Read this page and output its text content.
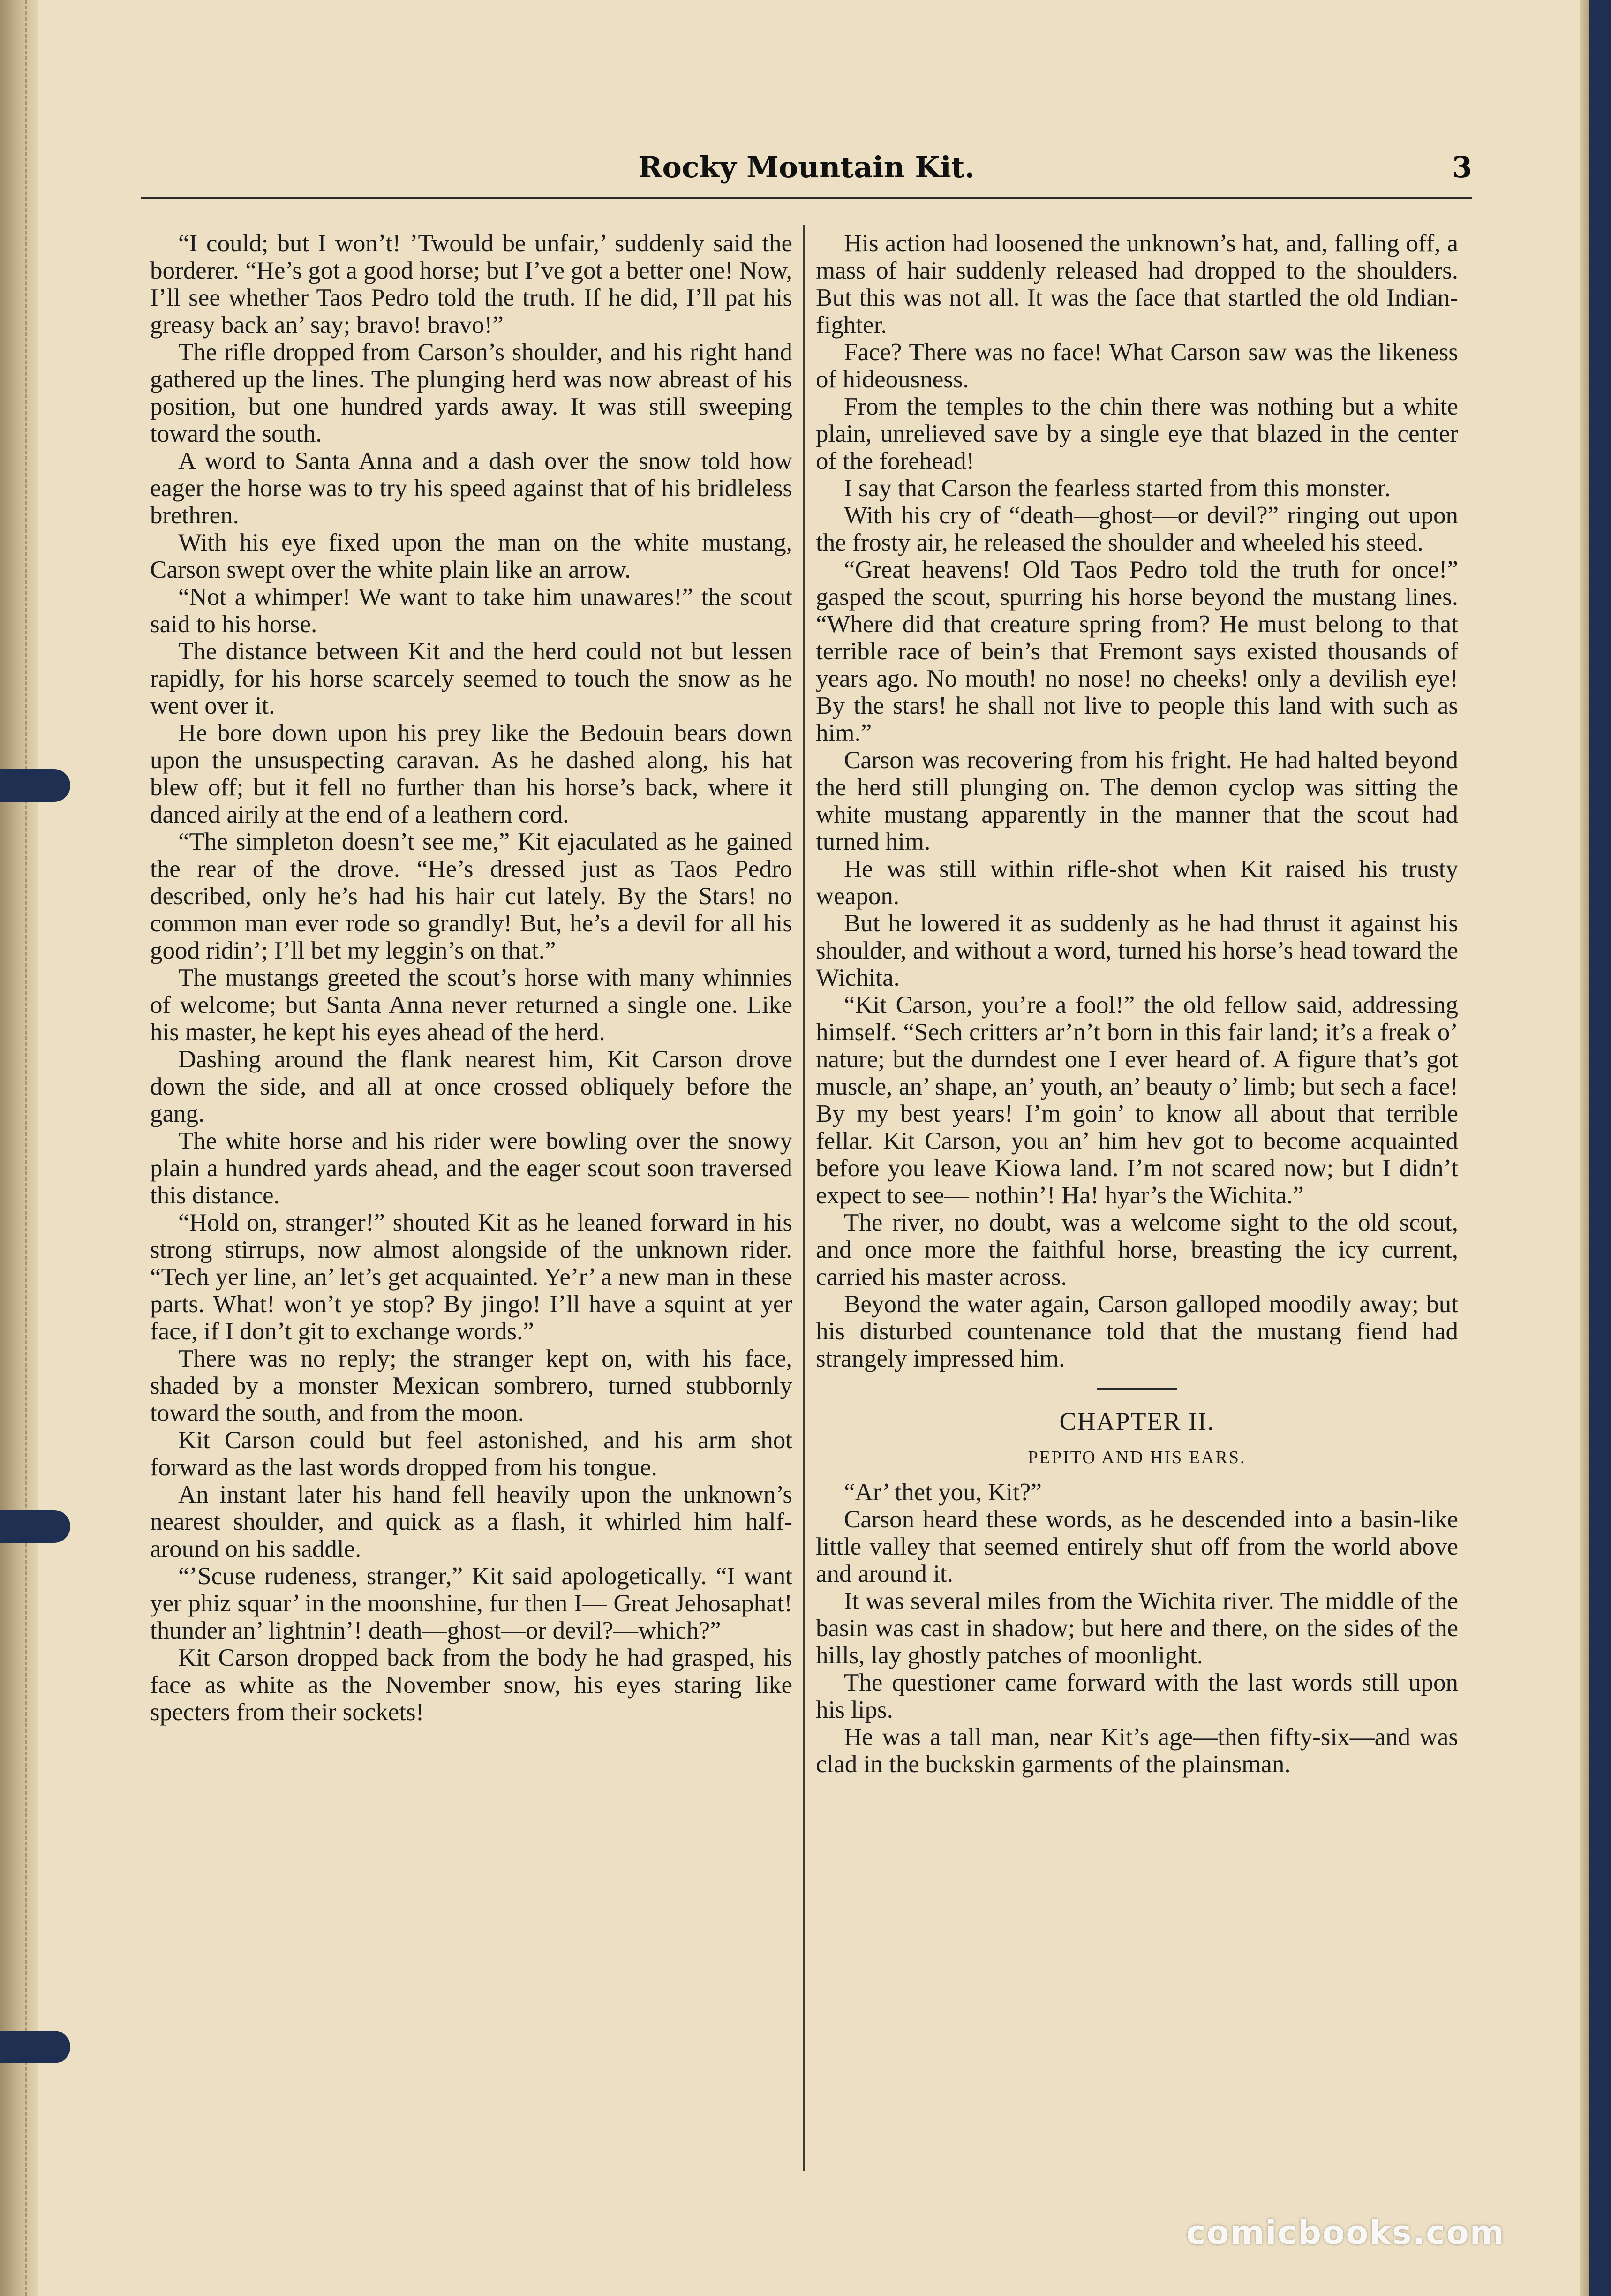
Rocky Mountain Kit.	3

“I could; but I won’t! ’Twould be unfair,’ suddenly said the borderer. “He’s got a good horse; but I’ve got a better one! Now, I’ll see whether Taos Pedro told the truth. If he did, I’ll pat his greasy back an’ say; bravo! bravo!”

The rifle dropped from Carson’s shoulder, and his right hand gathered up the lines. The plunging herd was now abreast of his position, but one hundred yards away. It was still sweeping toward the south.

A word to Santa Anna and a dash over the snow told how eager the horse was to try his speed against that of his bridleless brethren.

With his eye fixed upon the man on the white mustang, Carson swept over the white plain like an arrow.

“Not a whimper! We want to take him unawares!” the scout said to his horse.

The distance between Kit and the herd could not but lessen rapidly, for his horse scarcely seemed to touch the snow as he went over it.

He bore down upon his prey like the Bedouin bears down upon the unsuspecting caravan. As he dashed along, his hat blew off; but it fell no further than his horse’s back, where it danced airily at the end of a leathern cord.

“The simpleton doesn’t see me,” Kit ejaculated as he gained the rear of the drove. “He’s dressed just as Taos Pedro described, only he’s had his hair cut lately. By the Stars! no common man ever rode so grandly! But, he’s a devil for all his good ridin’; I’ll bet my leggin’s on that.”

The mustangs greeted the scout’s horse with many whinnies of welcome; but Santa Anna never returned a single one. Like his master, he kept his eyes ahead of the herd.

Dashing around the flank nearest him, Kit Carson drove down the side, and all at once crossed obliquely before the gang.

The white horse and his rider were bowling over the snowy plain a hundred yards ahead, and the eager scout soon traversed this distance.

“Hold on, stranger!” shouted Kit as he leaned forward in his strong stirrups, now almost alongside of the unknown rider. “Tech yer line, an’ let’s get acquainted. Ye’r’ a new man in these parts. What! won’t ye stop? By jingo! I’ll have a squint at yer face, if I don’t git to exchange words.”

There was no reply; the stranger kept on, with his face, shaded by a monster Mexican sombrero, turned stubbornly toward the south, and from the moon.

Kit Carson could but feel astonished, and his arm shot forward as the last words dropped from his tongue.

An instant later his hand fell heavily upon the unknown’s nearest shoulder, and quick as a flash, it whirled him half-around on his saddle.

“’Scuse rudeness, stranger,” Kit said apologetically. “I want yer phiz squar’ in the moonshine, fur then I— Great Jehosaphat! thunder an’ lightnin’! death—ghost—or devil?—which?”

Kit Carson dropped back from the body he had grasped, his face as white as the November snow, his eyes staring like specters from their sockets!

His action had loosened the unknown’s hat, and, falling off, a mass of hair suddenly released had dropped to the shoulders. But this was not all. It was the face that startled the old Indian-fighter.

Face? There was no face! What Carson saw was the likeness of hideousness.

From the temples to the chin there was nothing but a white plain, unrelieved save by a single eye that blazed in the center of the forehead!

I say that Carson the fearless started from this monster.

With his cry of “death—ghost—or devil?” ringing out upon the frosty air, he released the shoulder and wheeled his steed.

“Great heavens! Old Taos Pedro told the truth for once!” gasped the scout, spurring his horse beyond the mustang lines. “Where did that creature spring from? He must belong to that terrible race of bein’s that Fremont says existed thousands of years ago. No mouth! no nose! no cheeks! only a devilish eye! By the stars! he shall not live to people this land with such as him.”

Carson was recovering from his fright. He had halted beyond the herd still plunging on. The demon cyclop was sitting the white mustang apparently in the manner that the scout had turned him.

He was still within rifle-shot when Kit raised his trusty weapon.

But he lowered it as suddenly as he had thrust it against his shoulder, and without a word, turned his horse’s head toward the Wichita.

“Kit Carson, you’re a fool!” the old fellow said, addressing himself. “Sech critters ar’n’t born in this fair land; it’s a freak o’ nature; but the durndest one I ever heard of. A figure that’s got muscle, an’ shape, an’ youth, an’ beauty o’ limb; but sech a face! By my best years! I’m goin’ to know all about that terrible fellar. Kit Carson, you an’ him hev got to become acquainted before you leave Kiowa land. I’m not scared now; but I didn’t expect to see— nothin’! Ha! hyar’s the Wichita.”

The river, no doubt, was a welcome sight to the old scout, and once more the faithful horse, breasting the icy current, carried his master across.

Beyond the water again, Carson galloped moodily away; but his disturbed countenance told that the mustang fiend had strangely impressed him.

CHAPTER II.

PEPITO AND HIS EARS.

“Ar’ thet you, Kit?”

Carson heard these words, as he descended into a basin-like little valley that seemed entirely shut off from the world above and around it.

It was several miles from the Wichita river. The middle of the basin was cast in shadow; but here and there, on the sides of the hills, lay ghostly patches of moonlight.

The questioner came forward with the last words still upon his lips.

He was a tall man, near Kit’s age—then fifty-six—and was clad in the buckskin garments of the plainsman.

comicbooks.com
